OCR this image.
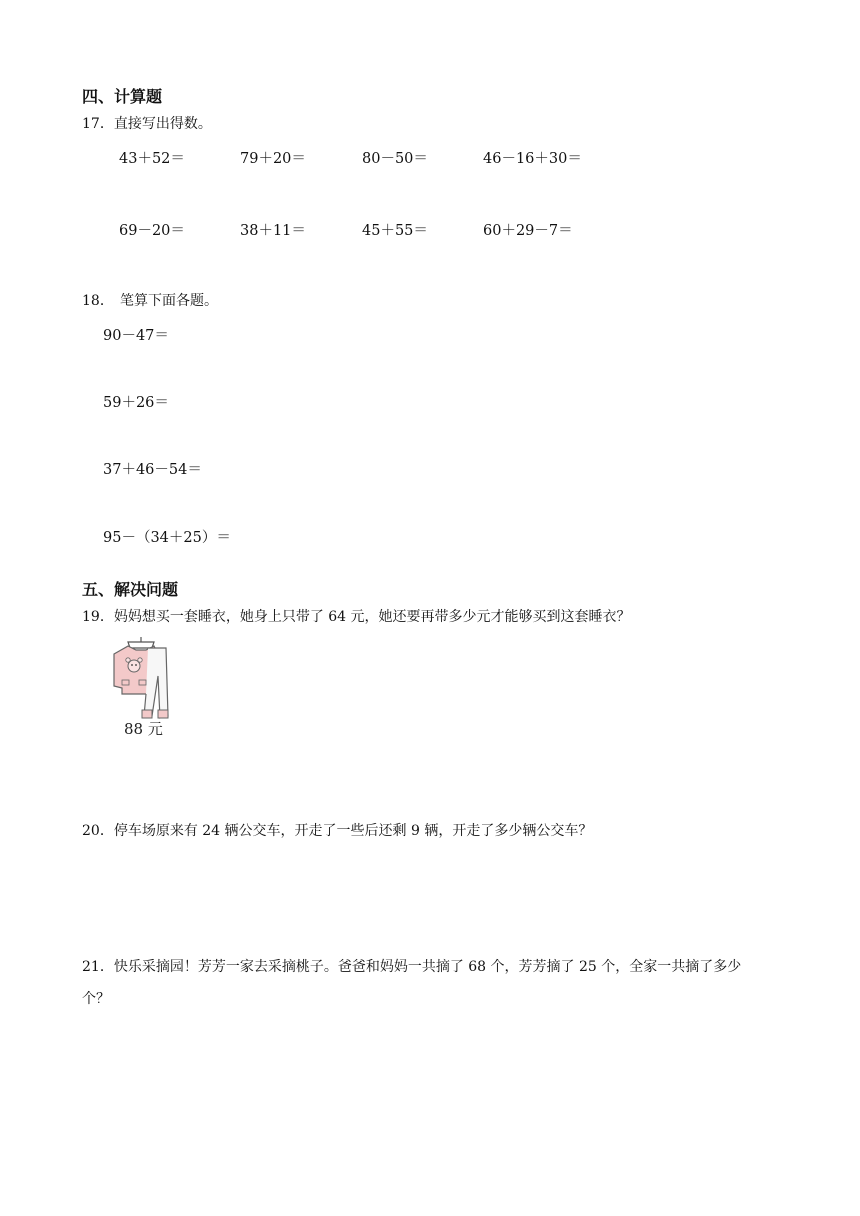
四、计算题
17．直接写出得数。
43＋52＝	79＋20＝	80－50＝	46－16＋30＝
69－20＝	38＋11＝	45＋55＝	60＋29－7＝
18． 笔算下面各题。
90－47＝
59＋26＝
37＋46－54＝
95－（34＋25）＝
五、解决问题
19．妈妈想买一套睡衣，她身上只带了 64 元，她还要再带多少元才能够买到这套睡衣？
88 元
20．停车场原来有 24 辆公交车，开走了一些后还剩 9 辆，开走了多少辆公交车？
21．快乐采摘园！芳芳一家去采摘桃子。爸爸和妈妈一共摘了 68 个，芳芳摘了 25 个，全家一共摘了多少
个？
